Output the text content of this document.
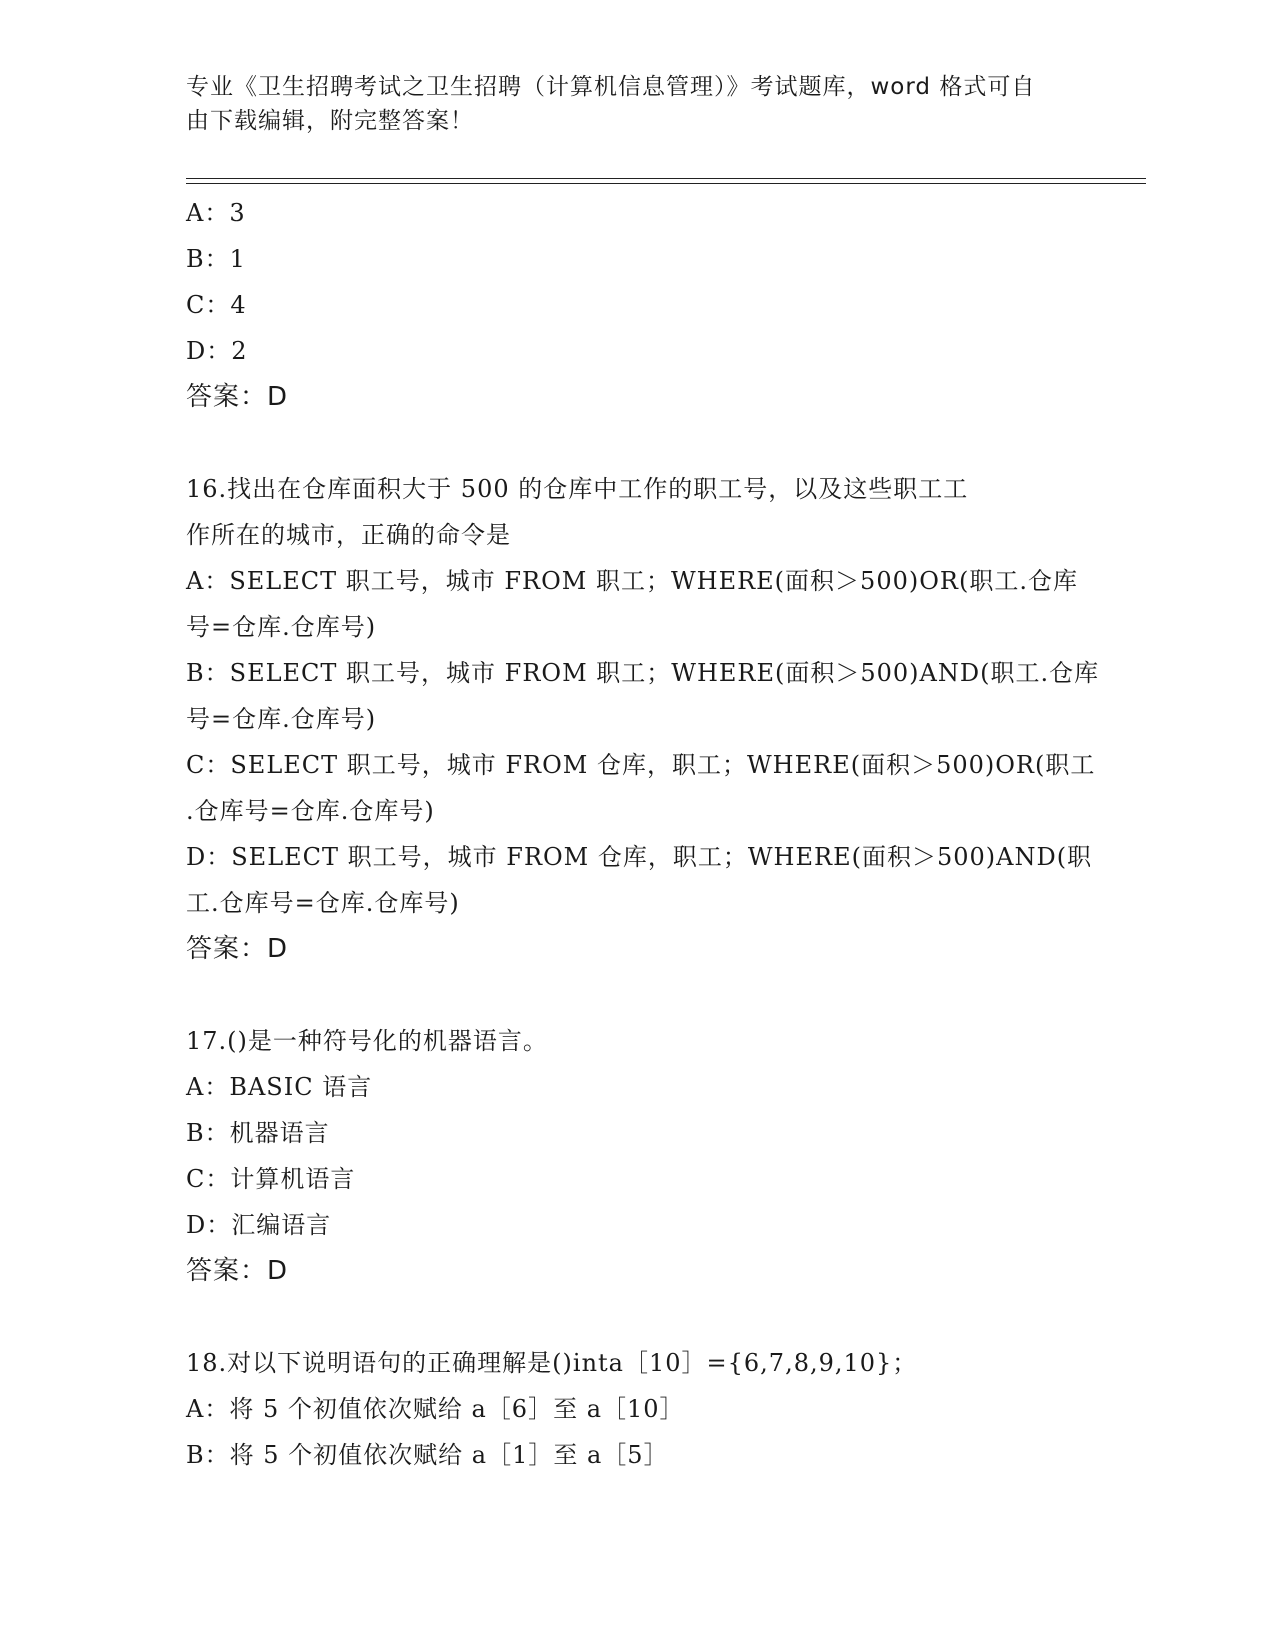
专业《卫生招聘考试之卫生招聘（计算机信息管理）》考试题库，word 格式可自
由下载编辑，附完整答案！
A：3
B：1
C：4
D：2
答案：D
16.找出在仓库面积大于 500 的仓库中工作的职工号，以及这些职工工
作所在的城市，正确的命令是
A：SELECT 职工号，城市 FROM 职工；WHERE(面积＞500)OR(职工.仓库
号=仓库.仓库号)
B：SELECT 职工号，城市 FROM 职工；WHERE(面积＞500)AND(职工.仓库
号=仓库.仓库号)
C：SELECT 职工号，城市 FROM 仓库，职工；WHERE(面积＞500)OR(职工
.仓库号=仓库.仓库号)
D：SELECT 职工号，城市 FROM 仓库，职工；WHERE(面积＞500)AND(职
工.仓库号=仓库.仓库号)
答案：D
17.()是一种符号化的机器语言。
A：BASIC 语言
B：机器语言
C：计算机语言
D：汇编语言
答案：D
18.对以下说明语句的正确理解是()inta［10］={6,7,8,9,10}；
A：将 5 个初值依次赋给 a［6］至 a［10］
B：将 5 个初值依次赋给 a［1］至 a［5］
